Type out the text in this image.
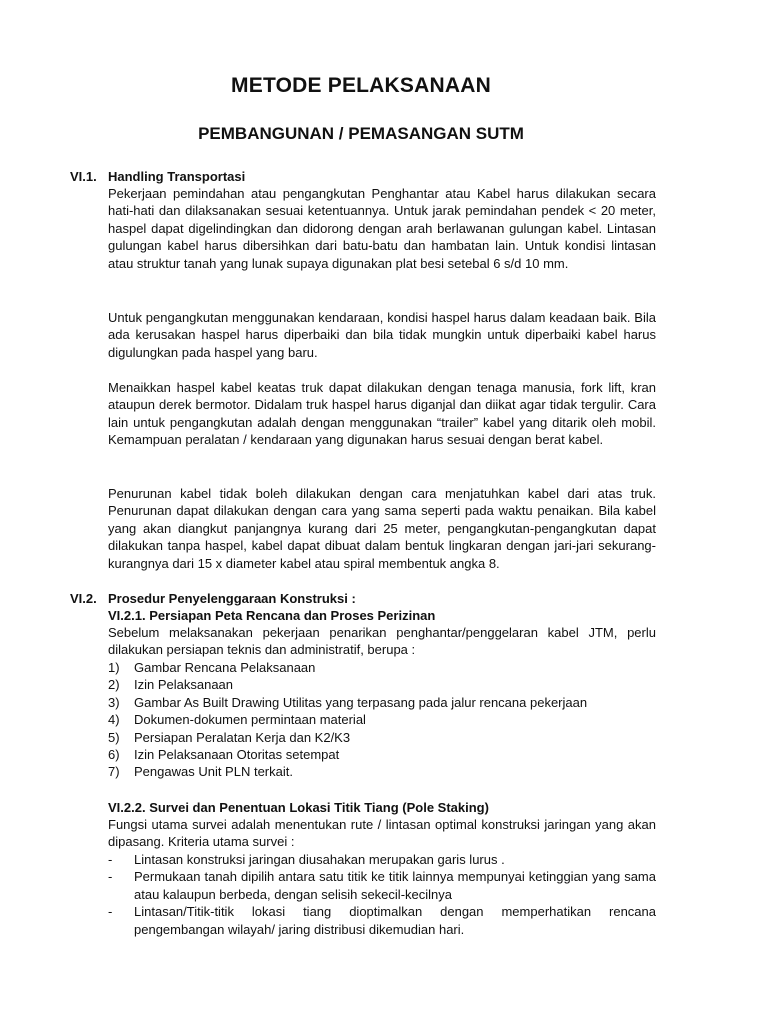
METODE PELAKSANAAN
PEMBANGUNAN / PEMASANGAN SUTM
VI.1. Handling Transportasi
Pekerjaan pemindahan atau pengangkutan Penghantar atau Kabel harus dilakukan secara hati-hati dan dilaksanakan sesuai ketentuannya. Untuk jarak pemindahan pendek < 20 meter, haspel dapat digelindingkan dan didorong dengan arah berlawanan gulungan kabel. Lintasan gulungan kabel harus dibersihkan dari batu-batu dan hambatan lain. Untuk kondisi lintasan atau struktur tanah yang lunak supaya digunakan plat besi setebal 6 s/d 10 mm.
Untuk pengangkutan menggunakan kendaraan, kondisi haspel harus dalam keadaan baik. Bila ada kerusakan haspel harus diperbaiki dan bila tidak mungkin untuk diperbaiki kabel harus digulungkan pada haspel yang baru.
Menaikkan haspel kabel keatas truk dapat dilakukan dengan tenaga manusia, fork lift, kran ataupun derek bermotor. Didalam truk haspel harus diganjal dan diikat agar tidak tergulir. Cara lain untuk pengangkutan adalah dengan menggunakan “trailer” kabel yang ditarik oleh mobil. Kemampuan peralatan / kendaraan yang digunakan harus sesuai dengan berat kabel.
Penurunan kabel tidak boleh dilakukan dengan cara menjatuhkan kabel dari atas truk. Penurunan dapat dilakukan dengan cara yang sama seperti pada waktu penaikan. Bila kabel yang akan diangkut panjangnya kurang dari 25 meter, pengangkutan-pengangkutan dapat dilakukan tanpa haspel, kabel dapat dibuat dalam bentuk lingkaran dengan jari-jari sekurang-kurangnya dari 15 x diameter kabel atau spiral membentuk angka 8.
VI.2. Prosedur Penyelenggaraan Konstruksi :
VI.2.1. Persiapan Peta Rencana dan Proses Perizinan
Sebelum melaksanakan pekerjaan penarikan penghantar/penggelaran kabel JTM, perlu dilakukan persiapan teknis dan administratif, berupa :
1) Gambar Rencana Pelaksanaan
2) Izin Pelaksanaan
3) Gambar As Built Drawing Utilitas yang terpasang pada jalur rencana pekerjaan
4) Dokumen-dokumen permintaan material
5) Persiapan Peralatan Kerja dan K2/K3
6) Izin Pelaksanaan Otoritas setempat
7) Pengawas Unit PLN terkait.
VI.2.2. Survei dan Penentuan Lokasi Titik Tiang (Pole Staking)
Fungsi utama survei adalah menentukan rute / lintasan optimal konstruksi jaringan yang akan dipasang. Kriteria utama survei :
- Lintasan konstruksi jaringan diusahakan merupakan garis lurus .
- Permukaan tanah dipilih antara satu titik ke titik lainnya mempunyai ketinggian yang sama atau kalaupun berbeda, dengan selisih sekecil-kecilnya
- Lintasan/Titik-titik lokasi tiang dioptimalkan dengan memperhatikan rencana pengembangan wilayah/ jaring distribusi dikemudian hari.
